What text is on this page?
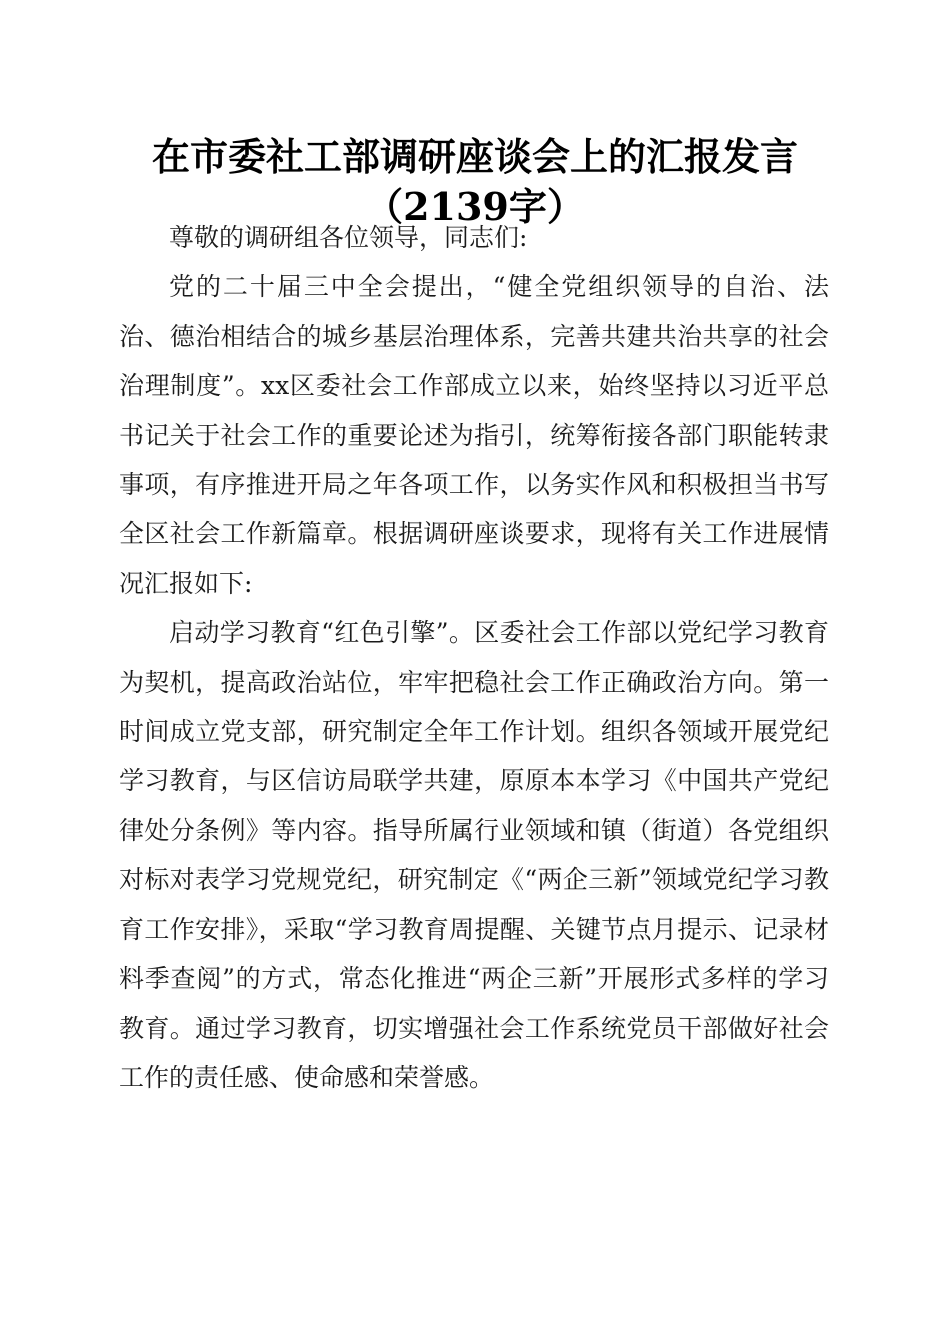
在市委社工部调研座谈会上的汇报发言（2139字）

尊敬的调研组各位领导，同志们:

党的二十届三中全会提出，“健全党组织领导的自治、法治、德治相结合的城乡基层治理体系，完善共建共治共享的社会治理制度”。xx区委社会工作部成立以来，始终坚持以习近平总书记关于社会工作的重要论述为指引，统筹衔接各部门职能转隶事项，有序推进开局之年各项工作，以务实作风和积极担当书写全区社会工作新篇章。根据调研座谈要求，现将有关工作进展情况汇报如下:

启动学习教育“红色引擎”。区委社会工作部以党纪学习教育为契机，提高政治站位，牢牢把稳社会工作正确政治方向。第一时间成立党支部，研究制定全年工作计划。组织各领域开展党纪学习教育，与区信访局联学共建，原原本本学习《中国共产党纪律处分条例》等内容。指导所属行业领域和镇（街道）各党组织对标对表学习党规党纪，研究制定《“两企三新”领域党纪学习教育工作安排》，采取“学习教育周提醒、关键节点月提示、记录材料季查阅”的方式，常态化推进“两企三新”开展形式多样的学习教育。通过学习教育，切实增强社会工作系统党员干部做好社会工作的责任感、使命感和荣誉感。
